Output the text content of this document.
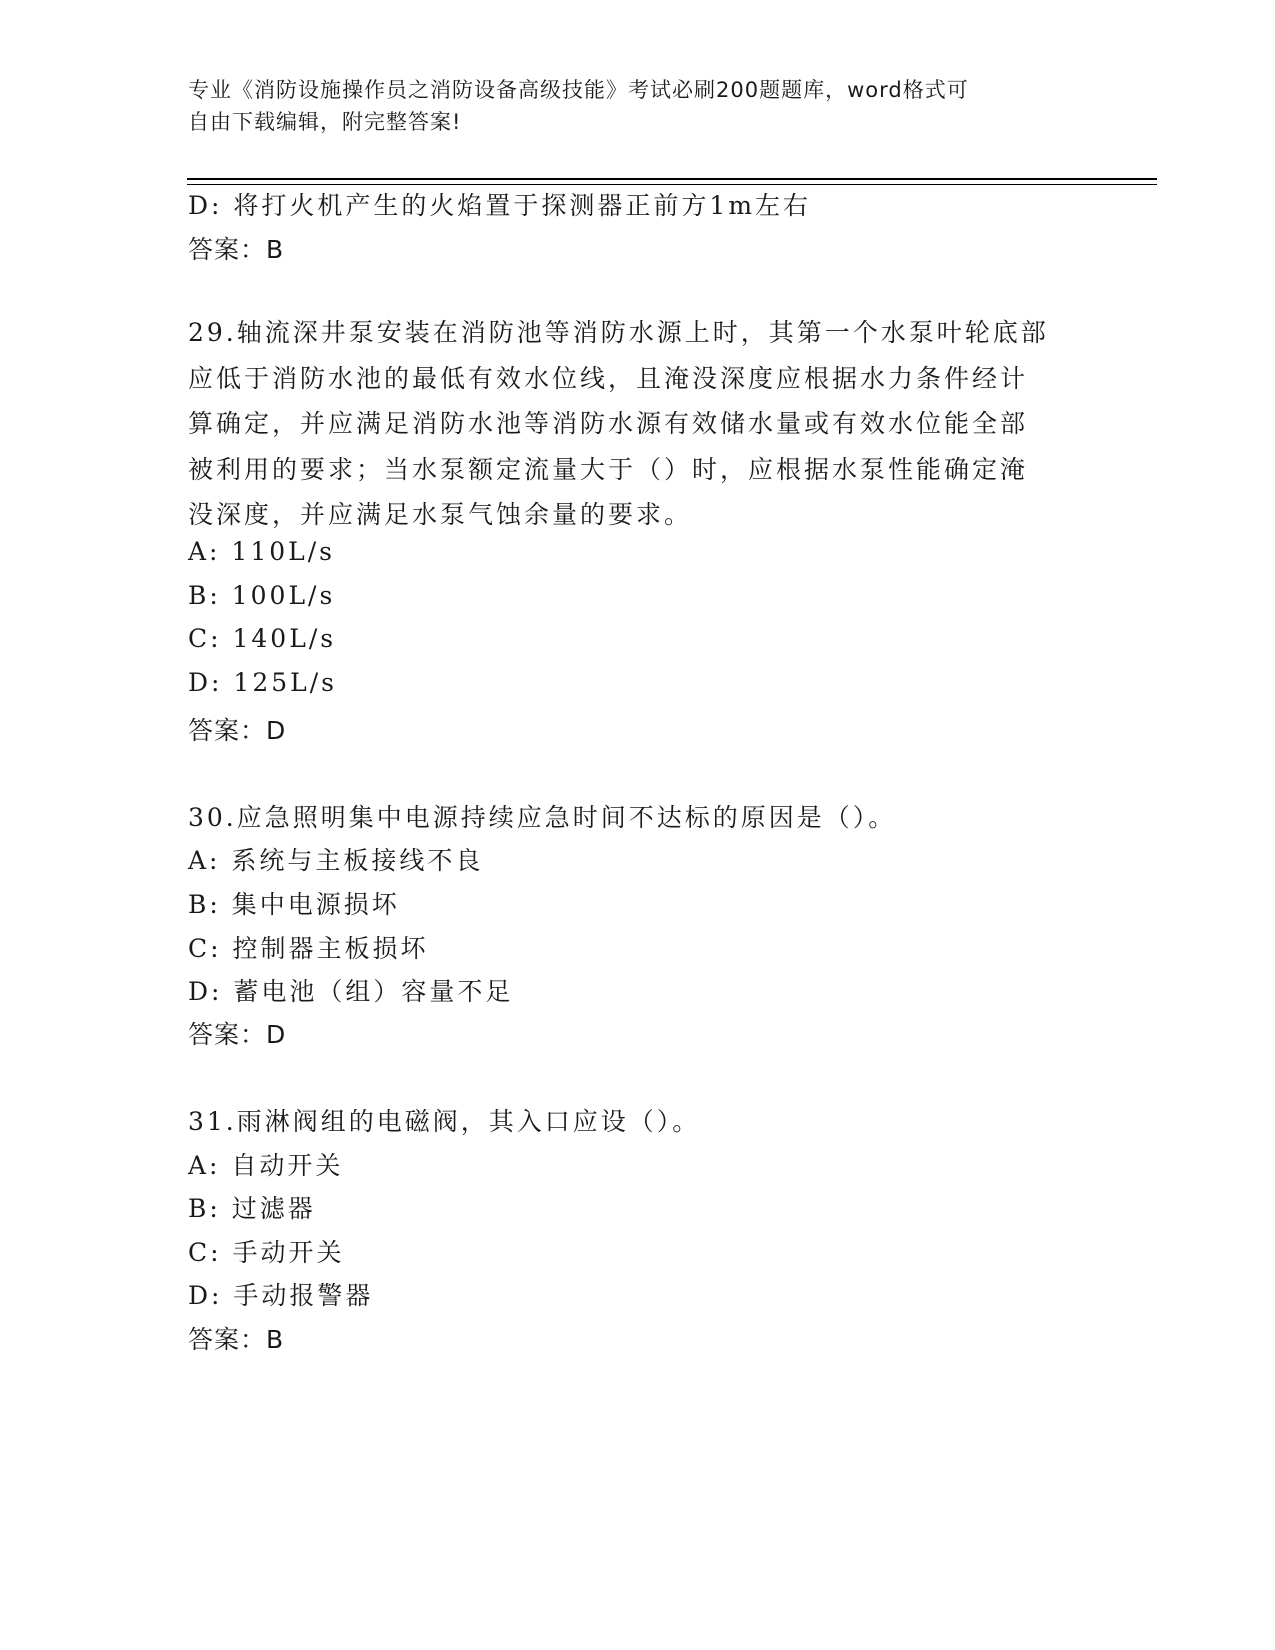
专业《消防设施操作员之消防设备高级技能》考试必刷200题题库，word格式可
自由下载编辑，附完整答案!
D: 将打火机产生的火焰置于探测器正前方1m左右
答案：B
29.轴流深井泵安装在消防池等消防水源上时，其第一个水泵叶轮底部
应低于消防水池的最低有效水位线，且淹没深度应根据水力条件经计
算确定，并应满足消防水池等消防水源有效储水量或有效水位能全部
被利用的要求；当水泵额定流量大于（）时，应根据水泵性能确定淹
没深度，并应满足水泵气蚀余量的要求。
A: 110L/s
B: 100L/s
C: 140L/s
D: 125L/s
答案：D
30.应急照明集中电源持续应急时间不达标的原因是（）。
A: 系统与主板接线不良
B: 集中电源损坏
C: 控制器主板损坏
D: 蓄电池（组）容量不足
答案：D
31.雨淋阀组的电磁阀，其入口应设（）。
A: 自动开关
B: 过滤器
C: 手动开关
D: 手动报警器
答案：B
